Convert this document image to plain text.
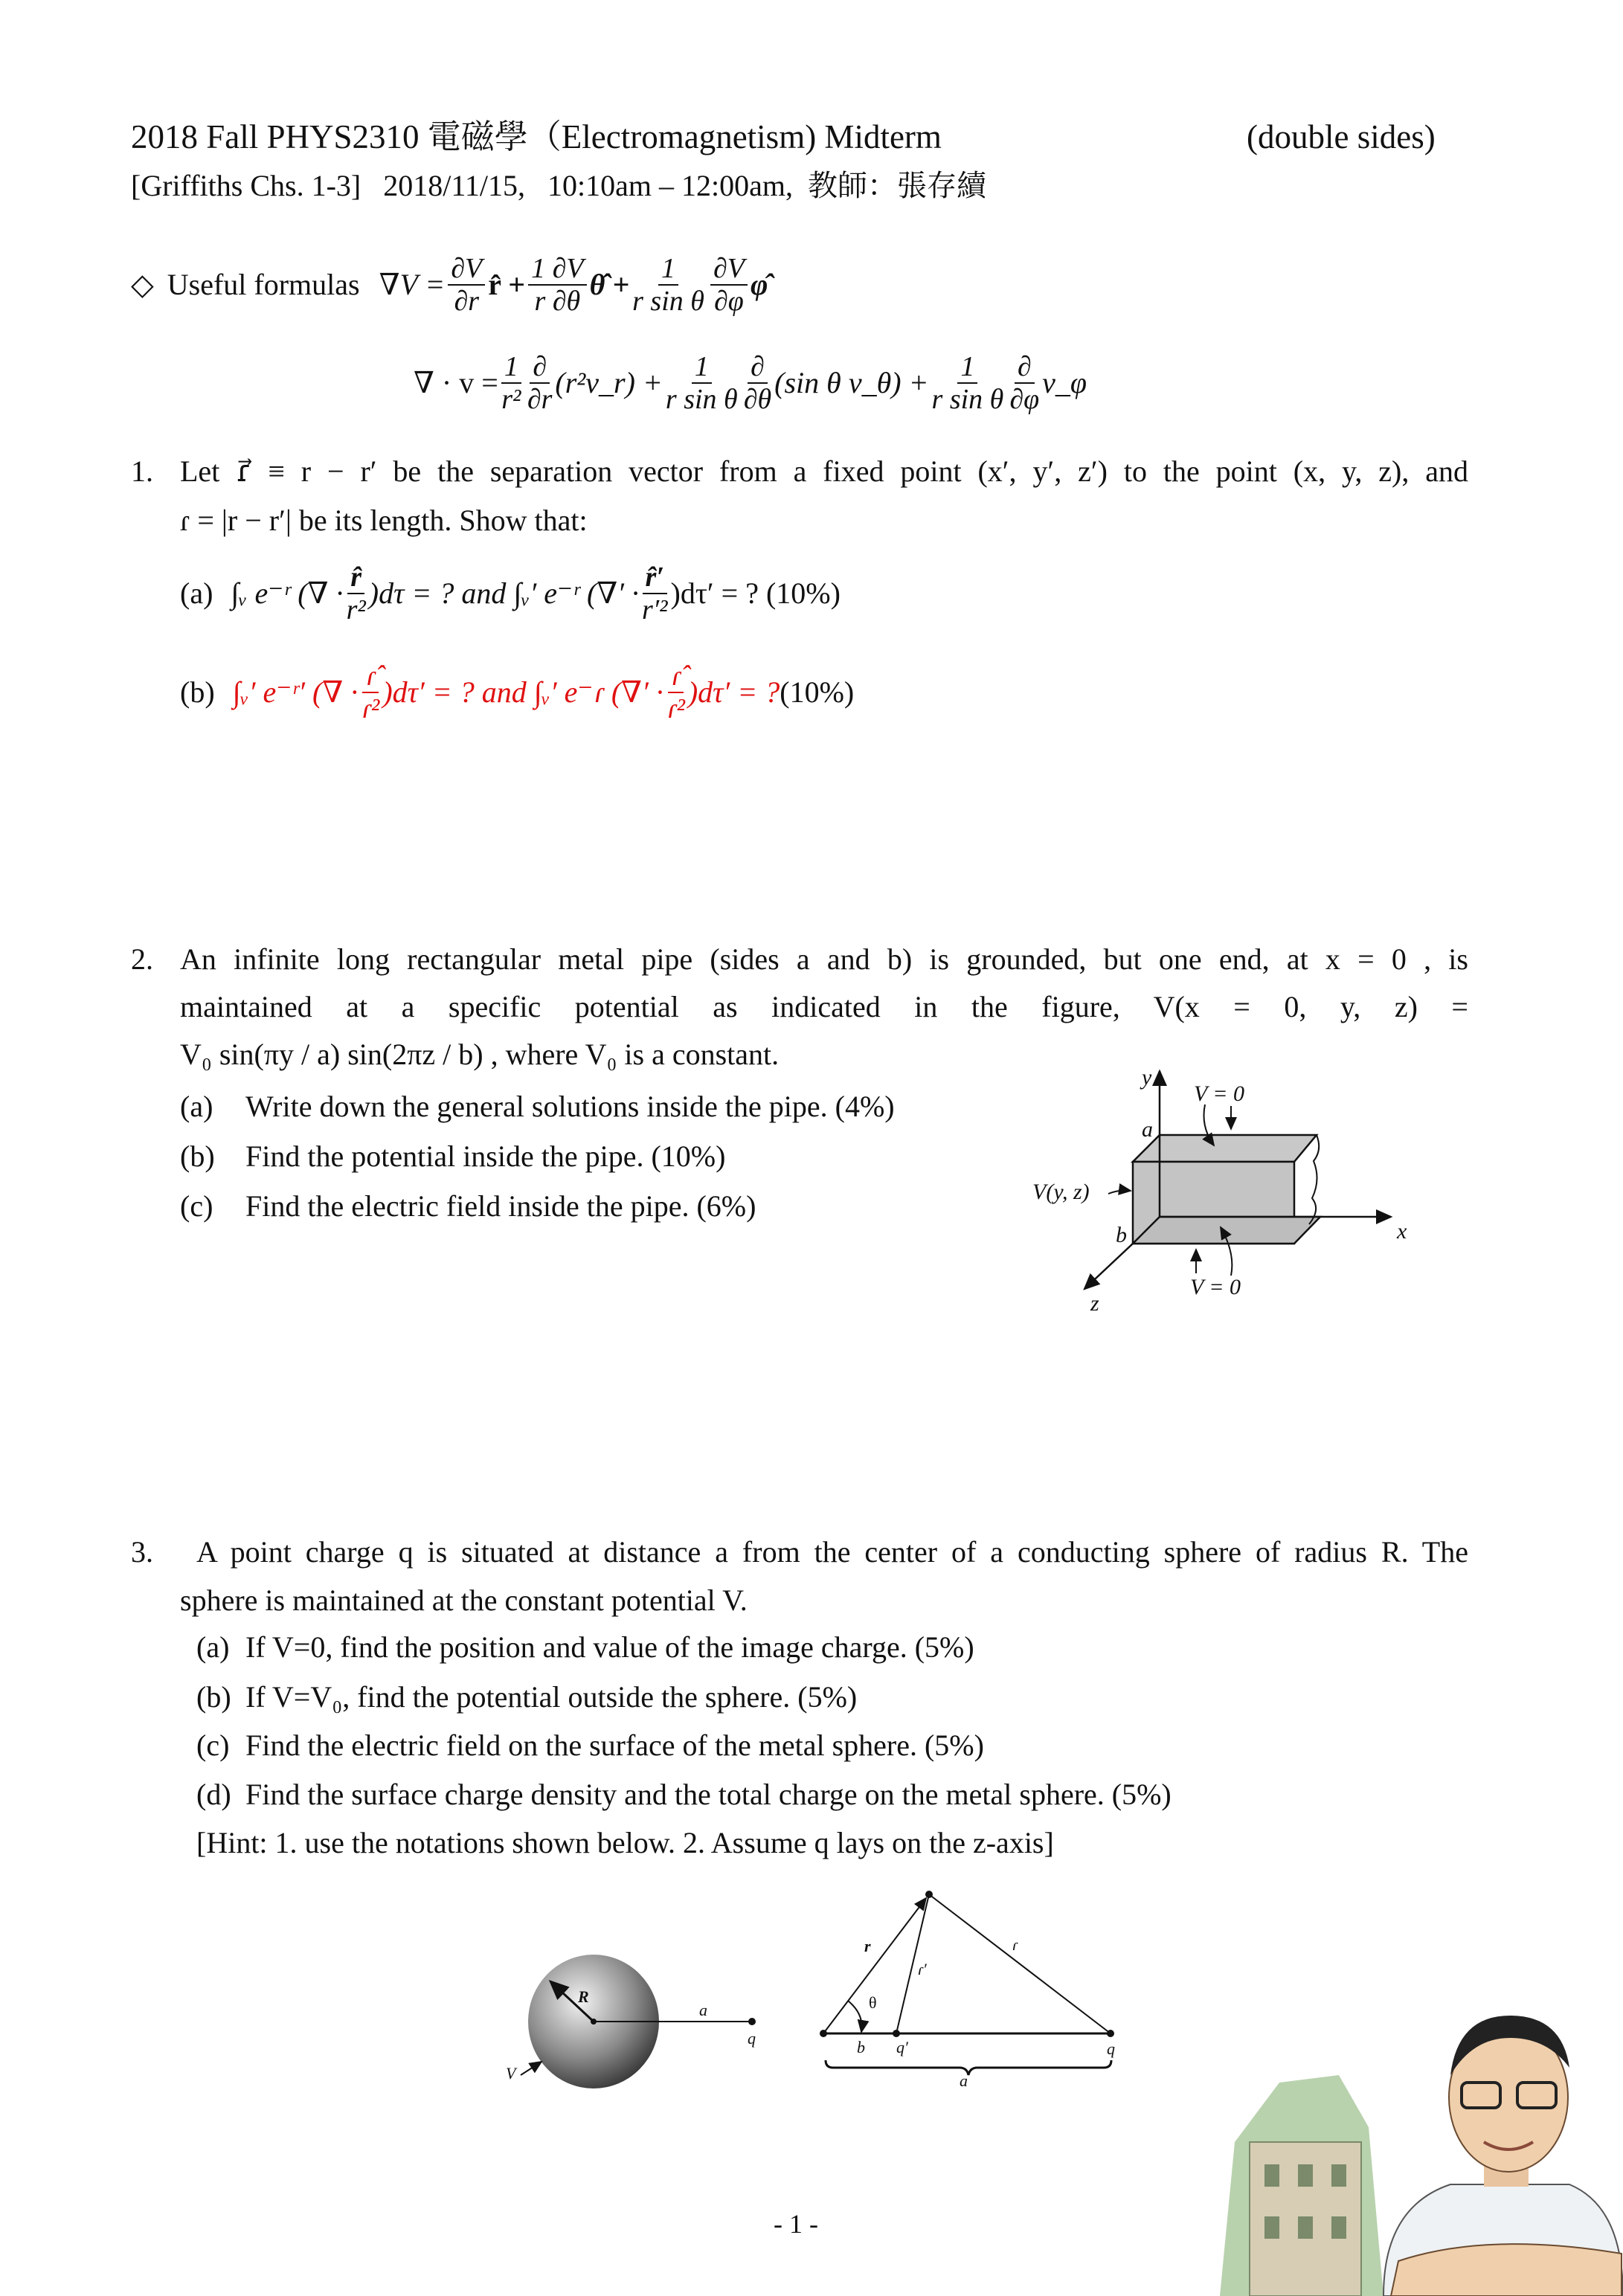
2018 Fall PHYS2310 電磁學（Electromagnetism) Midterm	(double sides)
[Griffiths Chs. 1-3]   2018/11/15,   10:10am – 12:00am,  教師：張存續
◇ Useful formulas $\nabla V = \frac{\partial V}{\partial r}$ r̂ + $\frac{1 \partial V}{r \partial\theta}$ θ̂ + $\frac{1}{\text{r sin θ}} \partial V$
∂φ φ̂
∇ · $v = \frac{1}{\text{r²}}$ ∂
∂r (r²v_r) + $\frac{1}{\text{r sin θ}}$ ∂
∂θ (sin θ v_θ) + $\frac{1}{\text{r sin θ}}$ ∂
∂φ v_φ
1. Let ɾ⃗ ≡ r − r′ be the separation vector from a fixed point (x′, y′, z′) to the point (x, y, z), and
ɾ = |r − r′| be its length. Show that:
(a) ∫ᵥ e⁻ʳ (∇ · r̂
r² )dτ = ? and ∫ᵥ′ e⁻ʳ (∇′ · r̂′
r′² )dτ′ = ? (10%)
(b) ∫ᵥ′ e⁻ʳ′ (∇ · ɾ̂
ɾ² )dτ′ = ? and ∫ᵥ′ e⁻ɾ (∇′ · ɾ̂
ɾ² )dτ′ = ? (10%)
2. An infinite long rectangular metal pipe (sides a and b) is grounded, but one end, at x = 0 , is
maintained at a specific potential as indicated in the figure, V(x = 0, y, z) =
V₀ sin(πy / a) sin(2πz / b) , where V₀ is a constant.
(a) Write down the general solutions inside the pipe. (4%)
(b) Find the potential inside the pipe. (10%)
(c) Find the electric field inside the pipe. (6%)
3. A point charge q is situated at distance a from the center of a conducting sphere of radius R. The
sphere is maintained at the constant potential V.
(a) If V=0, find the position and value of the image charge. (5%)
(b) If V=V₀, find the potential outside the sphere. (5%)
(c) Find the electric field on the surface of the metal sphere. (5%)
(d) Find the surface charge density and the total charge on the metal sphere. (5%)
[Hint: 1. use the notations shown below. 2. Assume q lays on the z-axis]
y
a
V = 0
V(y, z)
b	x
V = 0
z
R
a
q
V
r
θ
ɾ′
ɾ
b q′	q
a
- 1 -
